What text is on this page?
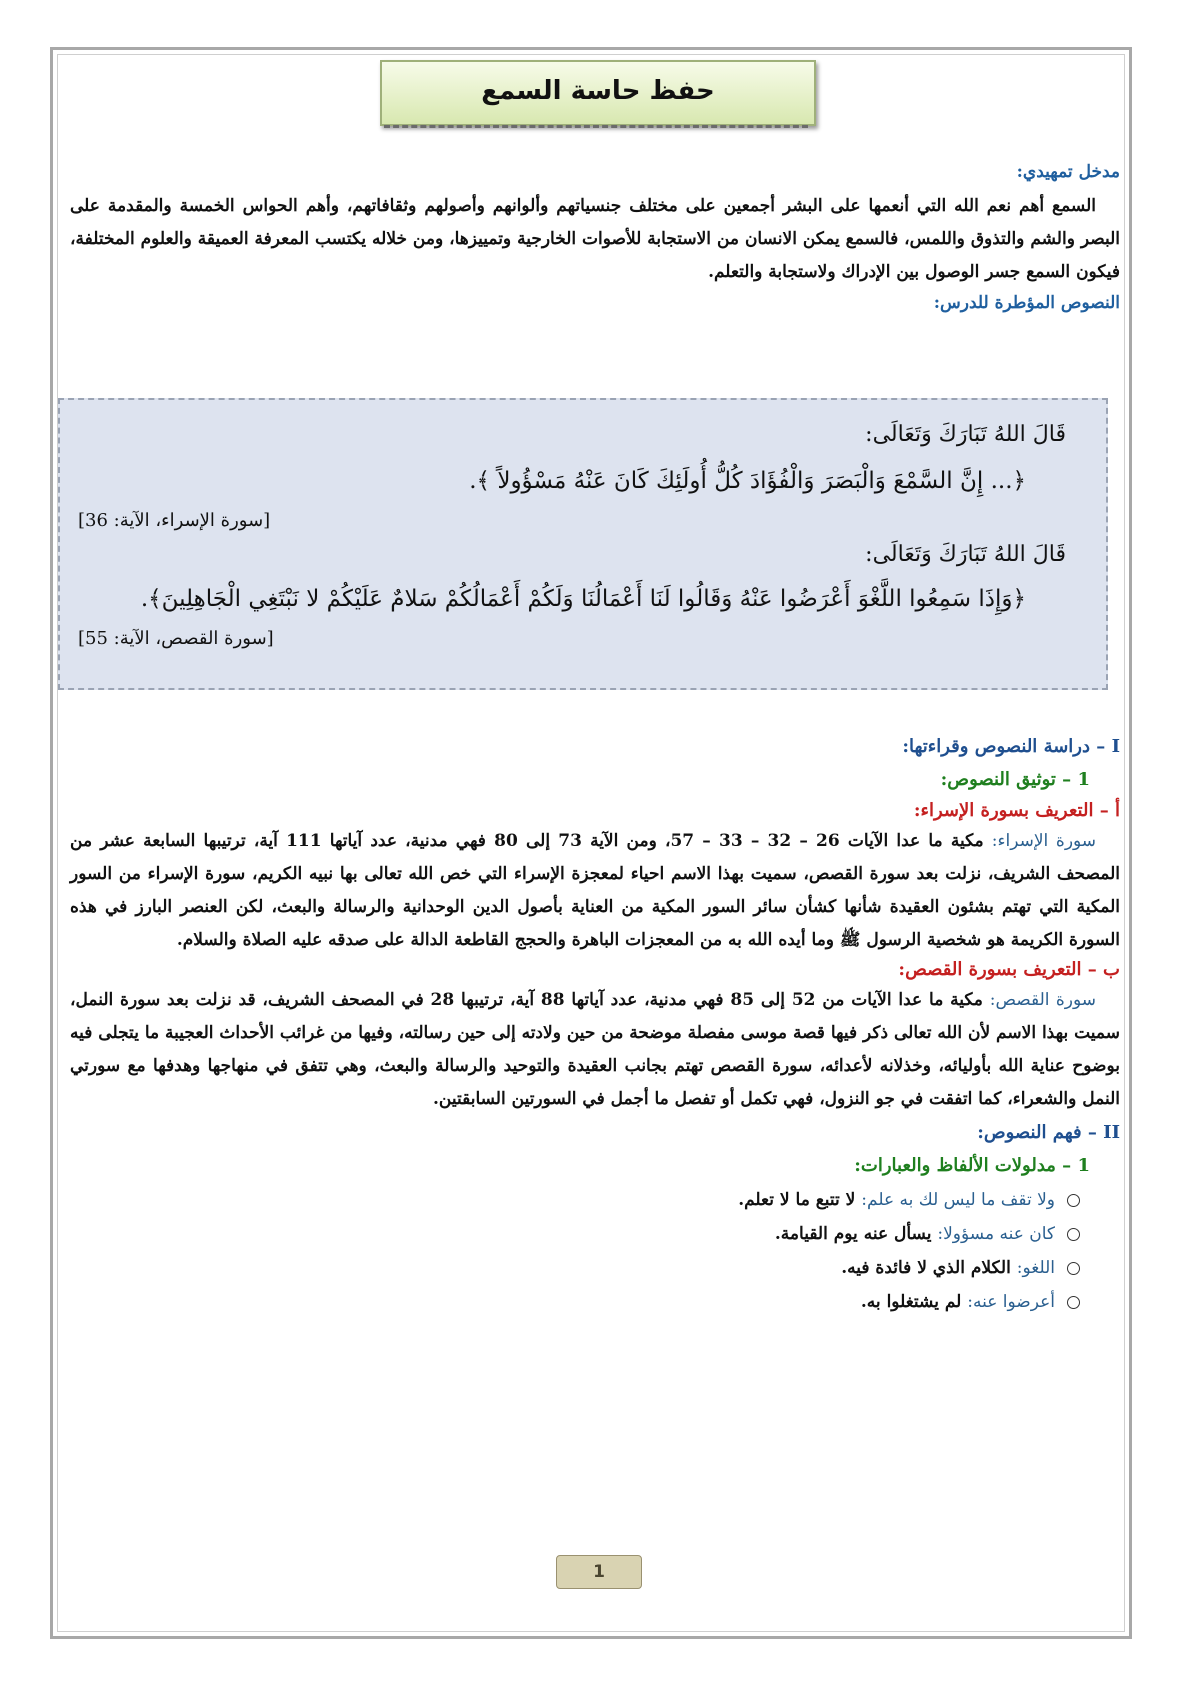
حفظ حاسة السمع
مدخل تمهيدي:
السمع أهم نعم الله التي أنعمها على البشر أجمعين على مختلف جنسياتهم وألوانهم وأصولهم وثقافاتهم، وأهم الحواس الخمسة والمقدمة على البصر والشم والتذوق واللمس، فالسمع يمكن الانسان من الاستجابة للأصوات الخارجية وتمييزها، ومن خلاله يكتسب المعرفة العميقة والعلوم المختلفة، فيكون السمع جسر الوصول بين الإدراك ولاستجابة والتعلم.
النصوص المؤطرة للدرس:
قَالَ اللهُ تَبَارَكَ وَتَعَالَى:
﴿... إِنَّ السَّمْعَ وَالْبَصَرَ وَالْفُؤَادَ كُلُّ أُولَئِكَ كَانَ عَنْهُ مَسْؤُولاً ﴾.
[سورة الإسراء، الآية: 36]
قَالَ اللهُ تَبَارَكَ وَتَعَالَى:
﴿وَإِذَا سَمِعُوا اللَّغْوَ أَعْرَضُوا عَنْهُ وَقَالُوا لَنَا أَعْمَالُنَا وَلَكُمْ أَعْمَالُكُمْ سَلامٌ عَلَيْكُمْ لا نَبْتَغِي الْجَاهِلِينَ﴾.
[سورة القصص، الآية: 55]
I – دراسة النصوص وقراءتها:
1 – توثيق النصوص:
أ – التعريف بسورة الإسراء:
سورة الإسراء: مكية ما عدا الآيات 26 – 32 – 33 – 57، ومن الآية 73 إلى 80 فهي مدنية، عدد آياتها 111 آية، ترتيبها السابعة عشر من المصحف الشريف، نزلت بعد سورة القصص، سميت بهذا الاسم احياء لمعجزة الإسراء التي خص الله تعالى بها نبيه الكريم، سورة الإسراء من السور المكية التي تهتم بشئون العقيدة شأنها كشأن سائر السور المكية من العناية بأصول الدين الوحدانية والرسالة والبعث، لكن العنصر البارز في هذه السورة الكريمة هو شخصية الرسول ﷺ وما أيده الله به من المعجزات الباهرة والحجج القاطعة الدالة على صدقه عليه الصلاة والسلام.
ب – التعريف بسورة القصص:
سورة القصص: مكية ما عدا الآيات من 52 إلى 85 فهي مدنية، عدد آياتها 88 آية، ترتيبها 28 في المصحف الشريف، قد نزلت بعد سورة النمل، سميت بهذا الاسم لأن الله تعالى ذكر فيها قصة موسى مفصلة موضحة من حين ولادته إلى حين رسالته، وفيها من غرائب الأحداث العجيبة ما يتجلى فيه بوضوح عناية الله بأوليائه، وخذلانه لأعدائه، سورة القصص تهتم بجانب العقيدة والتوحيد والرسالة والبعث، وهي تتفق في منهاجها وهدفها مع سورتي النمل والشعراء، كما اتفقت في جو النزول، فهي تكمل أو تفصل ما أجمل في السورتين السابقتين.
II – فهم النصوص:
1 – مدلولات الألفاظ والعبارات:
ولا تقف ما ليس لك به علم: لا تتبع ما لا تعلم.
كان عنه مسؤولا: يسأل عنه يوم القيامة.
اللغو: الكلام الذي لا فائدة فيه.
أعرضوا عنه: لم يشتغلوا به.
1
